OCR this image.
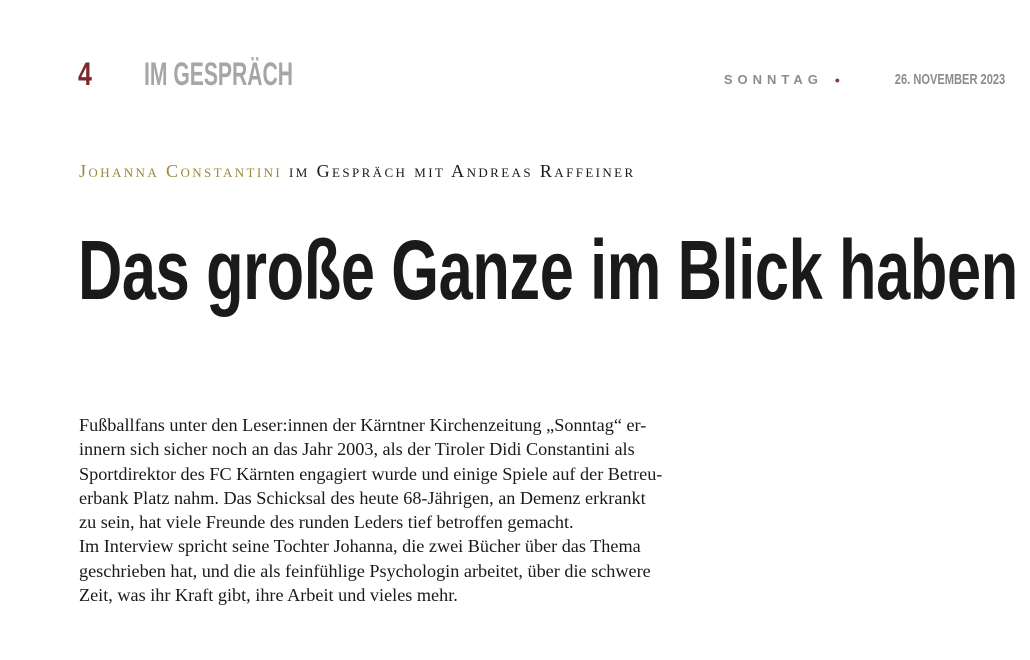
4 IM GESPRÄCH	SONNTAG •	26. NOVEMBER 2023
Johanna Constantini im Gespräch mit Andreas Raffeiner
Das große Ganze im Blick haben
Fußballfans unter den Leser:innen der Kärntner Kirchenzeitung „Sonntag“ er-
innern sich sicher noch an das Jahr 2003, als der Tiroler Didi Constantini als
Sportdirektor des FC Kärnten engagiert wurde und einige Spiele auf der Betreu-
erbank Platz nahm. Das Schicksal des heute 68-Jährigen, an Demenz erkrankt
zu sein, hat viele Freunde des runden Leders tief betroffen gemacht.
Im Interview spricht seine Tochter Johanna, die zwei Bücher über das Thema
geschrieben hat, und die als feinfühlige Psychologin arbeitet, über die schwere
Zeit, was ihr Kraft gibt, ihre Arbeit und vieles mehr.
